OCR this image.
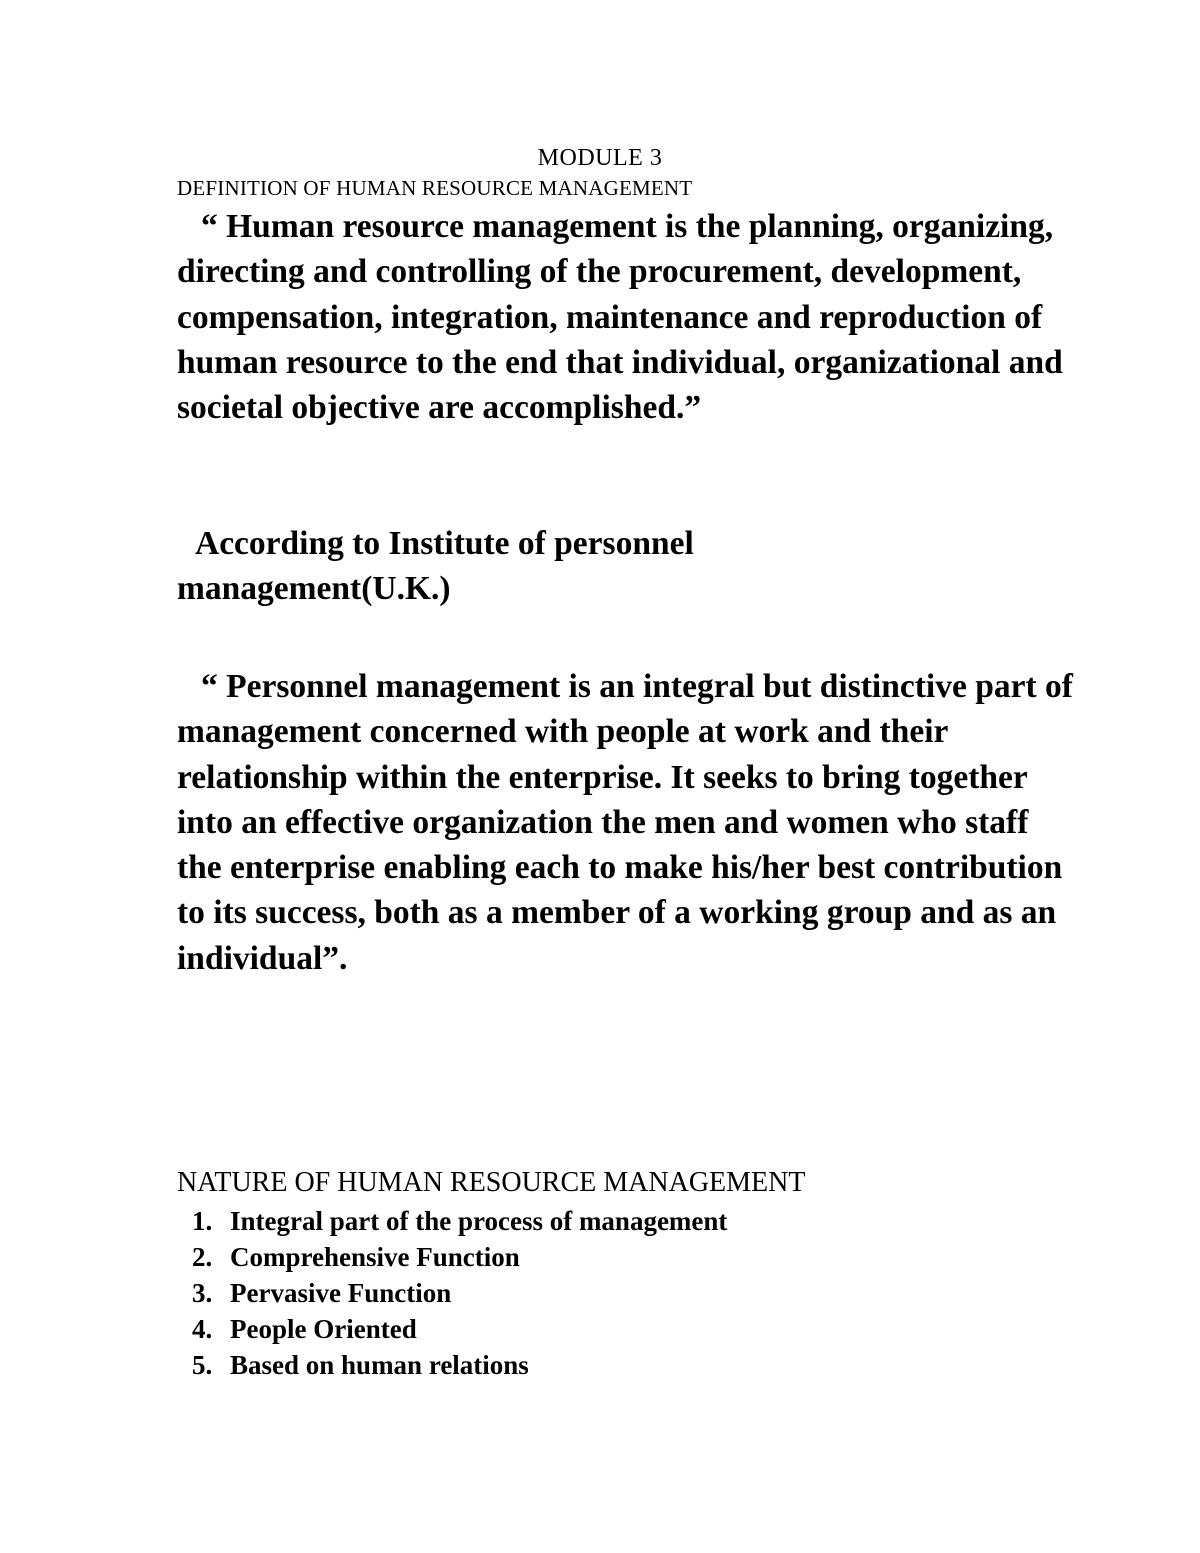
MODULE 3

DEFINITION OF HUMAN RESOURCE MANAGEMENT

“ Human resource management is the planning, organizing, directing and controlling of the procurement, development, compensation, integration, maintenance and reproduction of human resource to the end that individual, organizational and societal objective are accomplished.”

According to Institute of personnel management(U.K.)

“ Personnel management is an integral but distinctive part of management concerned with people at work and their relationship within the enterprise. It seeks to bring together into an effective organization the men and women who staff the enterprise enabling each to make his/her best contribution to its success, both as a member of a working group and as an individual”.

NATURE OF HUMAN RESOURCE MANAGEMENT

1. Integral part of the process of management
2. Comprehensive Function
3. Pervasive Function
4. People Oriented
5. Based on human relations
